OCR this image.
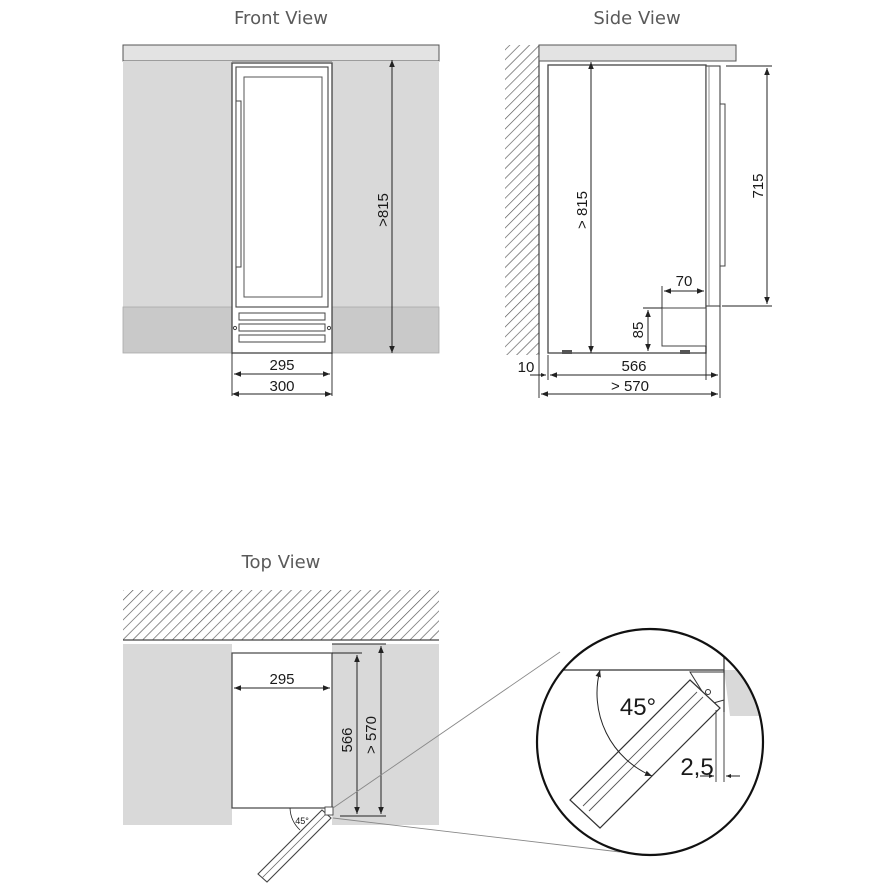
Front View
>815
295
300
Side View
> 815
715
70
85
566
> 570
10
Top View
295
566 > 570
45°
45°
2,5
